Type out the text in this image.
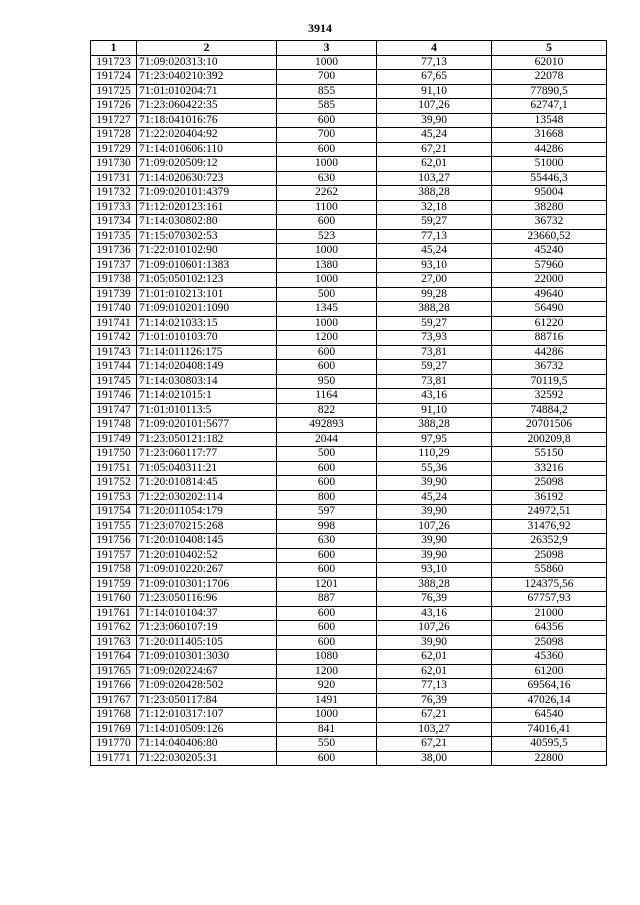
3914
1	2	3	4	5
191723	71:09:020313:10	1000	77,13	62010
191724	71:23:040210:392	700	67,65	22078
191725	71:01:010204:71	855	91,10	77890,5
191726	71:23:060422:35	585	107,26	62747,1
191727	71:18:041016:76	600	39,90	13548
191728	71:22:020404:92	700	45,24	31668
191729	71:14:010606:110	600	67,21	44286
191730	71:09:020509:12	1000	62,01	51000
191731	71:14:020630:723	630	103,27	55446,3
191732	71:09:020101:4379	2262	388,28	95004
191733	71:12:020123:161	1100	32,18	38280
191734	71:14:030802:80	600	59,27	36732
191735	71:15:070302:53	523	77,13	23660,52
191736	71:22:010102:90	1000	45,24	45240
191737	71:09:010601:1383	1380	93,10	57960
191738	71:05:050102:123	1000	27,00	22000
191739	71:01:010213:101	500	99,28	49640
191740	71:09:010201:1090	1345	388,28	56490
191741	71:14:021033:15	1000	59,27	61220
191742	71:01:010103:70	1200	73,93	88716
191743	71:14:011126:175	600	73,81	44286
191744	71:14:020408:149	600	59,27	36732
191745	71:14:030803:14	950	73,81	70119,5
191746	71:14:021015:1	1164	43,16	32592
191747	71:01:010113:5	822	91,10	74884,2
191748	71:09:020101:5677	492893	388,28	20701506
191749	71:23:050121:182	2044	97,95	200209,8
191750	71:23:060117:77	500	110,29	55150
191751	71:05:040311:21	600	55,36	33216
191752	71:20:010814:45	600	39,90	25098
191753	71:22:030202:114	800	45,24	36192
191754	71:20:011054:179	597	39,90	24972,51
191755	71:23:070215:268	998	107,26	31476,92
191756	71:20:010408:145	630	39,90	26352,9
191757	71:20:010402:52	600	39,90	25098
191758	71:09:010220:267	600	93,10	55860
191759	71:09:010301:1706	1201	388,28	124375,56
191760	71:23:050116:96	887	76,39	67757,93
191761	71:14:010104:37	600	43,16	21000
191762	71:23:060107:19	600	107,26	64356
191763	71:20:011405:105	600	39,90	25098
191764	71:09:010301:3030	1080	62,01	45360
191765	71:09:020224:67	1200	62,01	61200
191766	71:09:020428:502	920	77,13	69564,16
191767	71:23:050117:84	1491	76,39	47026,14
191768	71:12:010317:107	1000	67,21	64540
191769	71:14:010509:126	841	103,27	74016,41
191770	71:14:040406:80	550	67,21	40595,5
191771	71:22:030205:31	600	38,00	22800
